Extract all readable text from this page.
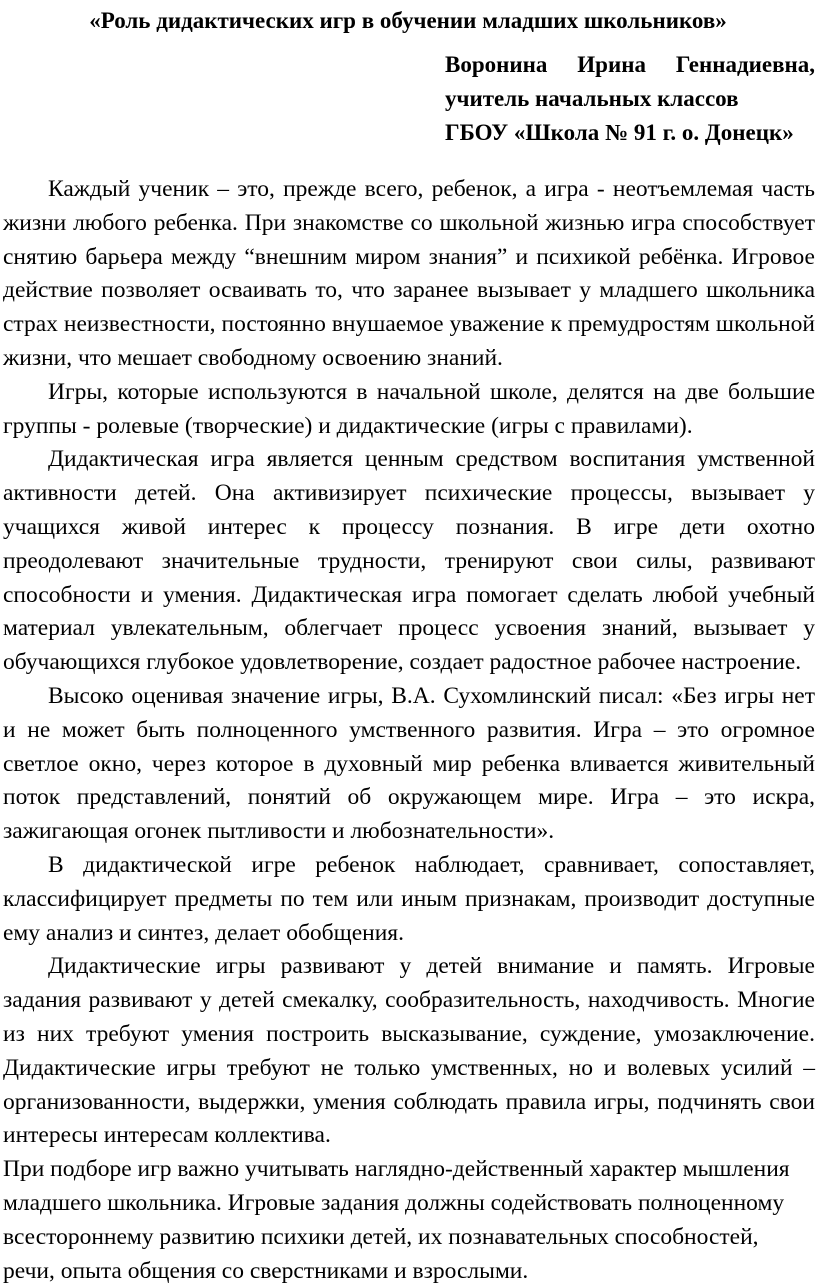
«Роль дидактических игр в обучении младших школьников»
Воронина Ирина Геннадиевна,
учитель начальных классов
ГБОУ «Школа № 91 г. о. Донецк»

Каждый ученик – это, прежде всего, ребенок, а игра - неотъемлемая часть жизни любого ребенка. При знакомстве со школьной жизнью игра способствует снятию барьера между “внешним миром знания” и психикой ребёнка. Игровое действие позволяет осваивать то, что заранее вызывает у младшего школьника страх неизвестности, постоянно внушаемое уважение к премудростям школьной жизни, что мешает свободному освоению знаний.

Игры, которые используются в начальной школе, делятся на две большие группы - ролевые (творческие) и дидактические (игры с правилами).

Дидактическая игра является ценным средством воспитания умственной активности детей. Она активизирует психические процессы, вызывает у учащихся живой интерес к процессу познания. В игре дети охотно преодолевают значительные трудности, тренируют свои силы, развивают способности и умения. Дидактическая игра помогает сделать любой учебный материал увлекательным, облегчает процесс усвоения знаний, вызывает у обучающихся глубокое удовлетворение, создает радостное рабочее настроение.

Высоко оценивая значение игры, В.А. Сухомлинский писал: «Без игры нет и не может быть полноценного умственного развития. Игра – это огромное светлое окно, через которое в духовный мир ребенка вливается живительный поток представлений, понятий об окружающем мире. Игра – это искра, зажигающая огонек пытливости и любознательности».

В дидактической игре ребенок наблюдает, сравнивает, сопоставляет, классифицирует предметы по тем или иным признакам, производит доступные ему анализ и синтез, делает обобщения.

Дидактические игры развивают у детей внимание и память. Игровые задания развивают у детей смекалку, сообразительность, находчивость. Многие из них требуют умения построить высказывание, суждение, умозаключение. Дидактические игры требуют не только умственных, но и волевых усилий – организованности, выдержки, умения соблюдать правила игры, подчинять свои интересы интересам коллектива.

При подборе игр важно учитывать наглядно-действенный характер мышления младшего школьника. Игровые задания должны содействовать полноценному всестороннему развитию психики детей, их познавательных способностей, речи, опыта общения со сверстниками и взрослыми.
